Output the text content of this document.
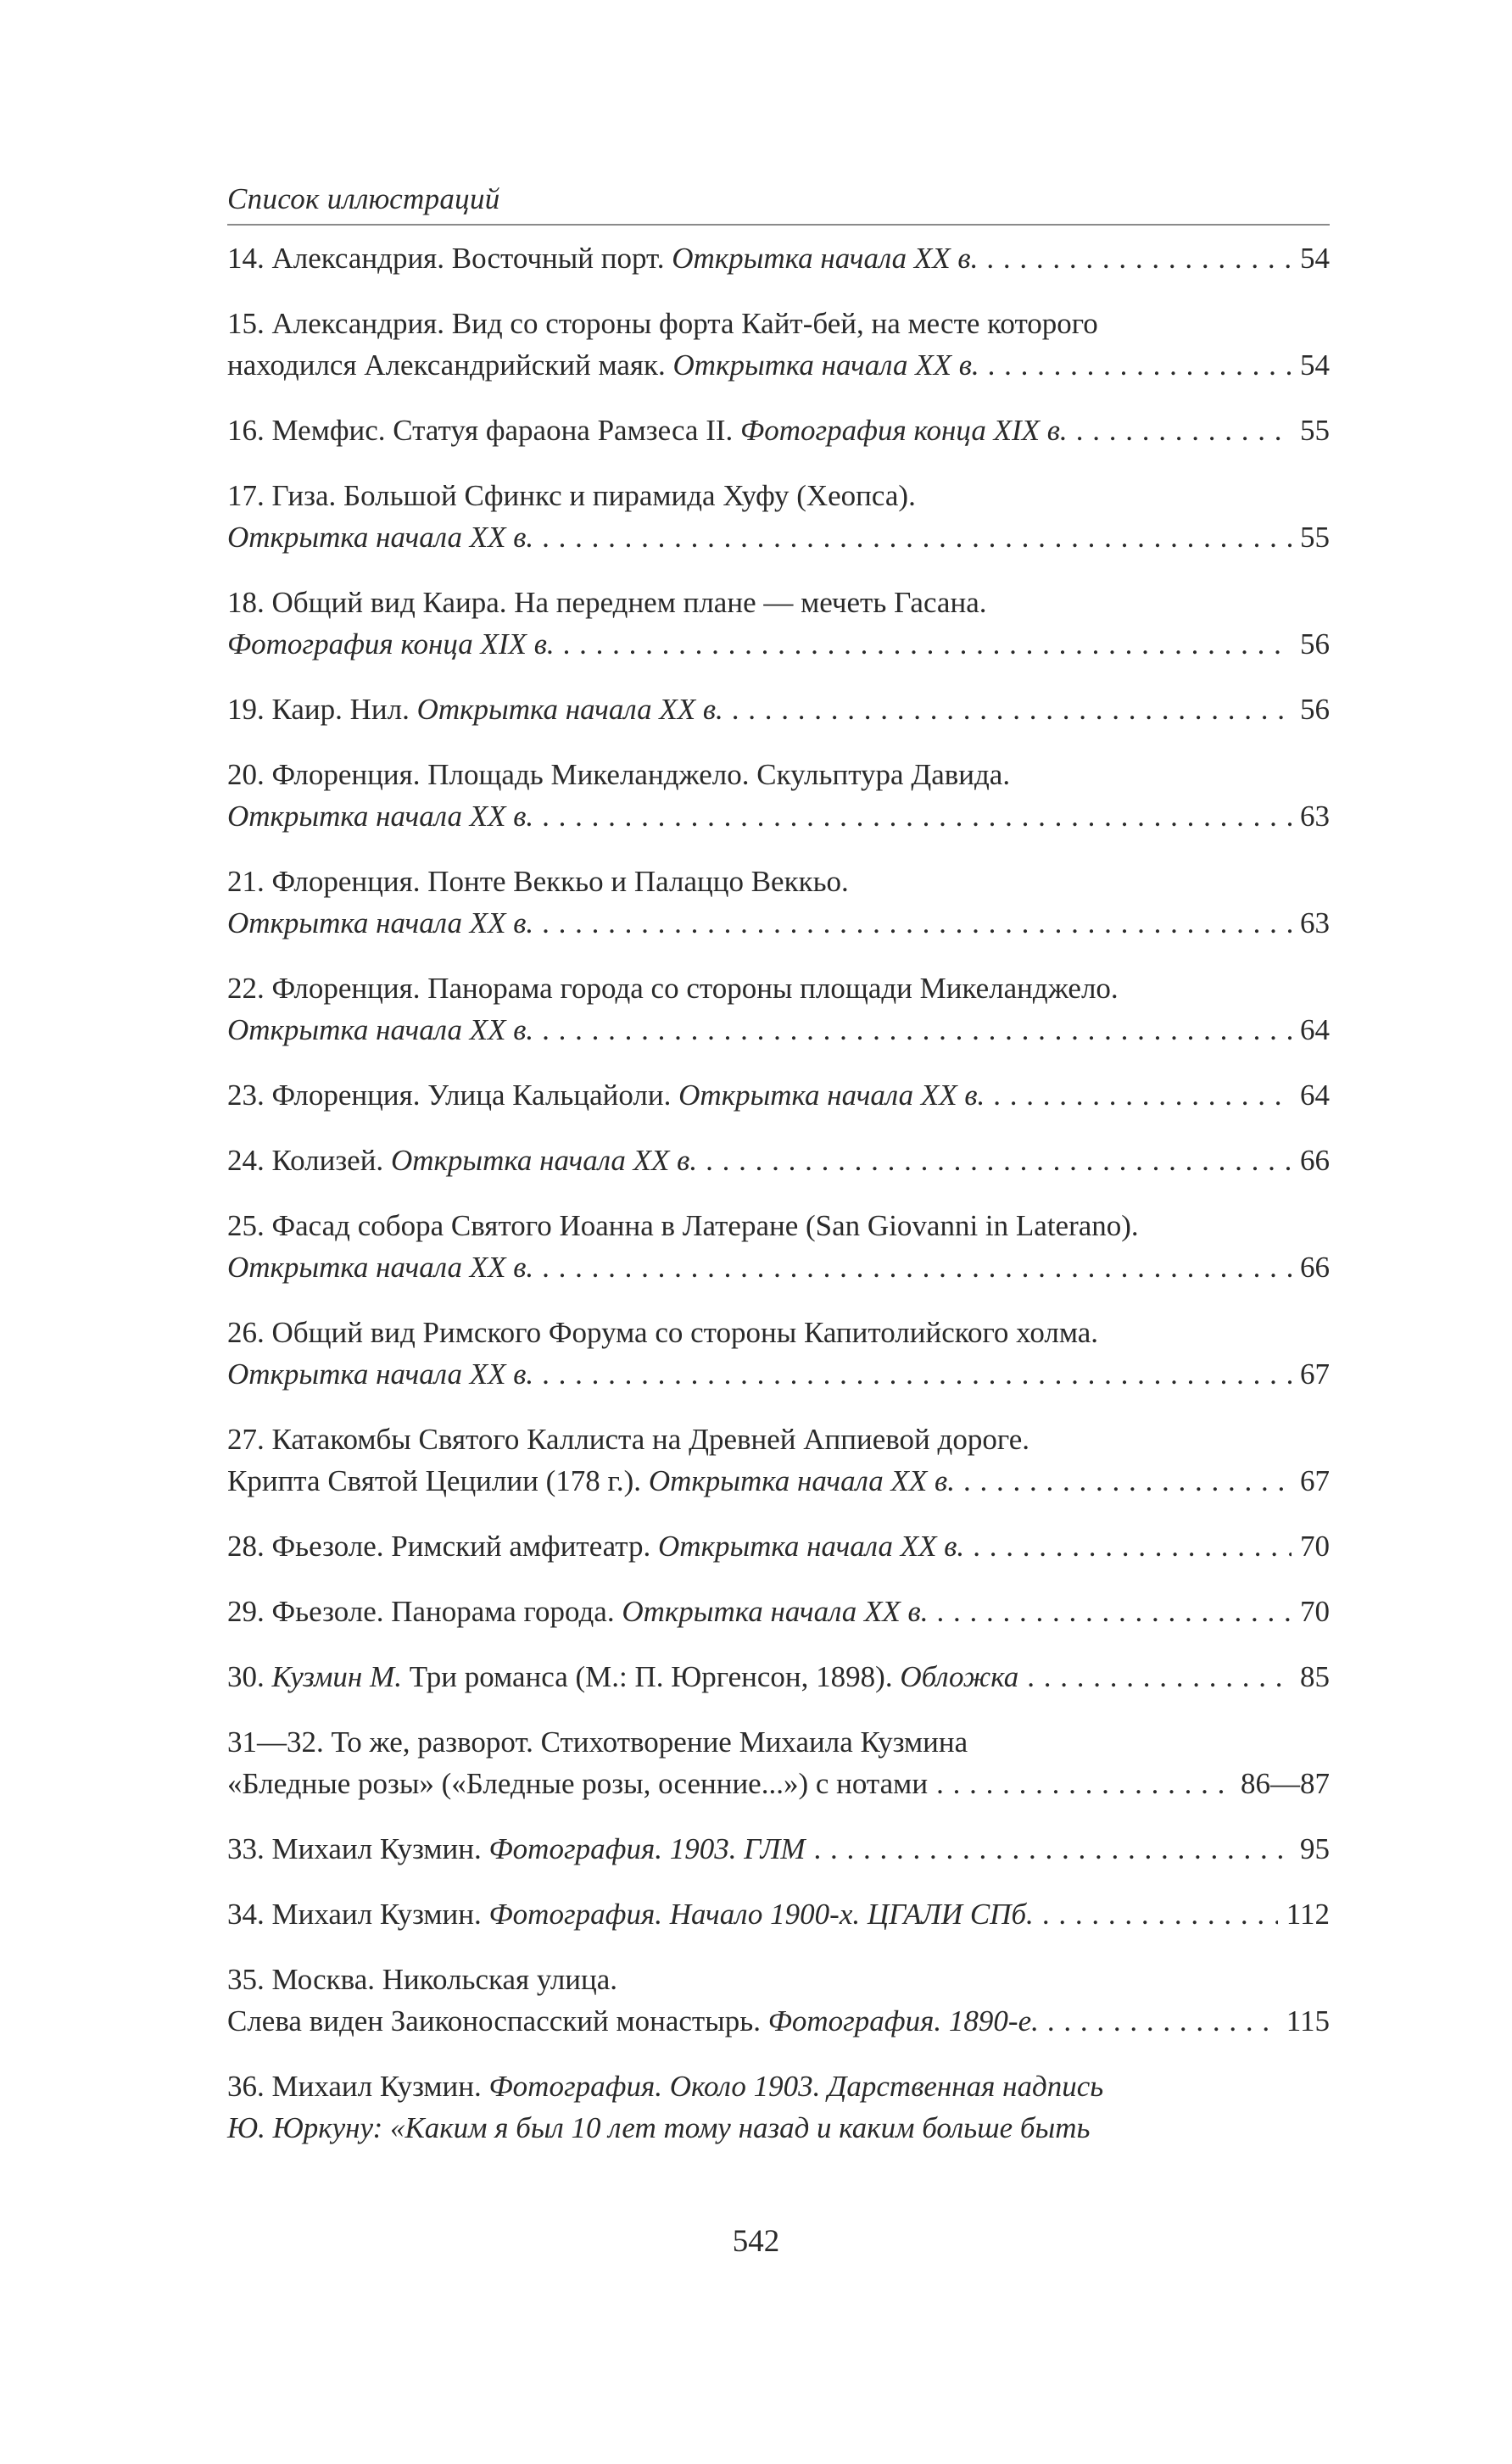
Список иллюстраций
14. Александрия. Восточный порт. Открытка начала XX в. . . .	54
15. Александрия. Вид со стороны форта Кайт-бей, на месте которого
находился Александрийский маяк. Открытка начала XX в. . . .	54
16. Мемфис. Статуя фараона Рамзеса II. Фотография конца XIX в. . . .	55
17. Гиза. Большой Сфинкс и пирамида Хуфу (Хеопса).
Открытка начала XX в. . . .	55
18. Общий вид Каира. На переднем плане — мечеть Гасана.
Фотография конца XIX в. . . .	56
19. Каир. Нил. Открытка начала XX в. . . .	56
20. Флоренция. Площадь Микеланджело. Скульптура Давида.
Открытка начала XX в. . . .	63
21. Флоренция. Понте Веккьо и Палаццо Веккьо.
Открытка начала XX в. . . .	63
22. Флоренция. Панорама города со стороны площади Микеланджело.
Открытка начала XX в. . . .	64
23. Флоренция. Улица Кальцайоли. Открытка начала XX в. . . .	64
24. Колизей. Открытка начала XX в. . . .	66
25. Фасад собора Святого Иоанна в Латеране (San Giovanni in Laterano).
Открытка начала XX в. . . .	66
26. Общий вид Римского Форума со стороны Капитолийского холма.
Открытка начала XX в. . . .	67
27. Катакомбы Святого Каллиста на Древней Аппиевой дороге.
Крипта Святой Цецилии (178 г.). Открытка начала XX в. . . .	67
28. Фьезоле. Римский амфитеатр. Открытка начала XX в. . . .	70
29. Фьезоле. Панорама города. Открытка начала XX в. . . .	70
30. Кузмин М. Три романса (М.: П. Юргенсон, 1898). Обложка . . .	85
31—32. То же, разворот. Стихотворение Михаила Кузмина
«Бледные розы» («Бледные розы, осенние...») с нотами . . .	86—87
33. Михаил Кузмин. Фотография. 1903. ГЛМ . . .	95
34. Михаил Кузмин. Фотография. Начало 1900-х. ЦГАЛИ СПб. . . .	112
35. Москва. Никольская улица.
Слева виден Заиконоспасский монастырь. Фотография. 1890-е. . . .	115
36. Михаил Кузмин. Фотография. Около 1903. Дарственная надпись
Ю. Юркуну: «Каким я был 10 лет тому назад и каким больше быть
542
